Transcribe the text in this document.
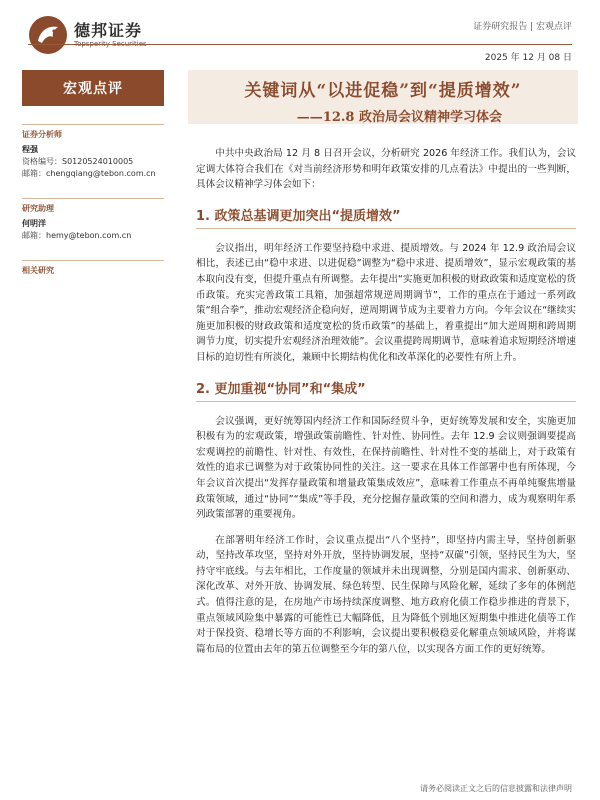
德邦证券	证券研究报告 | 宏观点评
2025 年 12 月 08 日
宏观点评
证券分析师
程强
资格编号：S0120524010005
邮箱：chengqiang@tebon.com.cn
研究助理
何明洋
邮箱：hemy@tebon.com.cn
相关研究
关键词从“以进促稳”到“提质增效”
——12.8 政治局会议精神学习体会

中共中央政治局 12 月 8 日召开会议，分析研究 2026 年经济工作。我们认为，会议定调大体符合我们在《对当前经济形势和明年政策安排的几点看法》中提出的一些判断，具体会议精神学习体会如下：

1. 政策总基调更加突出“提质增效”

会议指出，明年经济工作要坚持稳中求进、提质增效。与 2024 年 12.9 政治局会议相比，表述已由“稳中求进、以进促稳”调整为“稳中求进、提质增效”，显示宏观政策的基本取向没有变，但提升重点有所调整。去年提出“实施更加积极的财政政策和适度宽松的货币政策。充实完善政策工具箱，加强超常规逆周期调节”，工作的重点在于通过一系列政策“组合拳”，推动宏观经济企稳向好，逆周期调节成为主要着力方向。今年会议在“继续实施更加积极的财政政策和适度宽松的货币政策”的基础上，着重提出“加大逆周期和跨周期调节力度，切实提升宏观经济治理效能”。会议重提跨周期调节，意味着追求短期经济增速目标的迫切性有所淡化，兼顾中长期结构优化和改革深化的必要性有所上升。

2. 更加重视“协同”和“集成”

会议强调，更好统筹国内经济工作和国际经贸斗争，更好统筹发展和安全，实施更加积极有为的宏观政策，增强政策前瞻性、针对性、协同性。去年 12.9 会议则强调要提高宏观调控的前瞻性、针对性、有效性，在保持前瞻性、针对性不变的基础上，对于政策有效性的追求已调整为对于政策协同性的关注。这一要求在具体工作部署中也有所体现，今年会议首次提出“发挥存量政策和增量政策集成效应”，意味着工作重点不再单纯聚焦增量政策领域，通过“协同”“集成”等手段，充分挖掘存量政策的空间和潜力，成为观察明年系列政策部署的重要视角。

在部署明年经济工作时，会议重点提出“八个坚持”，即坚持内需主导，坚持创新驱动，坚持改革攻坚，坚持对外开放，坚持协调发展，坚持“双碳”引领，坚持民生为大，坚持守牢底线。与去年相比，工作度量的领域并未出现调整，分别是国内需求、创新驱动、深化改革、对外开放、协调发展、绿色转型、民生保障与风险化解，延续了多年的体例范式。值得注意的是，在房地产市场持续深度调整、地方政府化债工作稳步推进的背景下，重点领域风险集中暴露的可能性已大幅降低，且为降低个别地区短期集中推进化债等工作对于保投资、稳增长等方面的不利影响，会议提出要积极稳妥化解重点领域风险，并将谋篇布局的位置由去年的第五位调整至今年的第八位，以实现各方面工作的更好统筹。

请务必阅读正文之后的信息披露和法律声明
